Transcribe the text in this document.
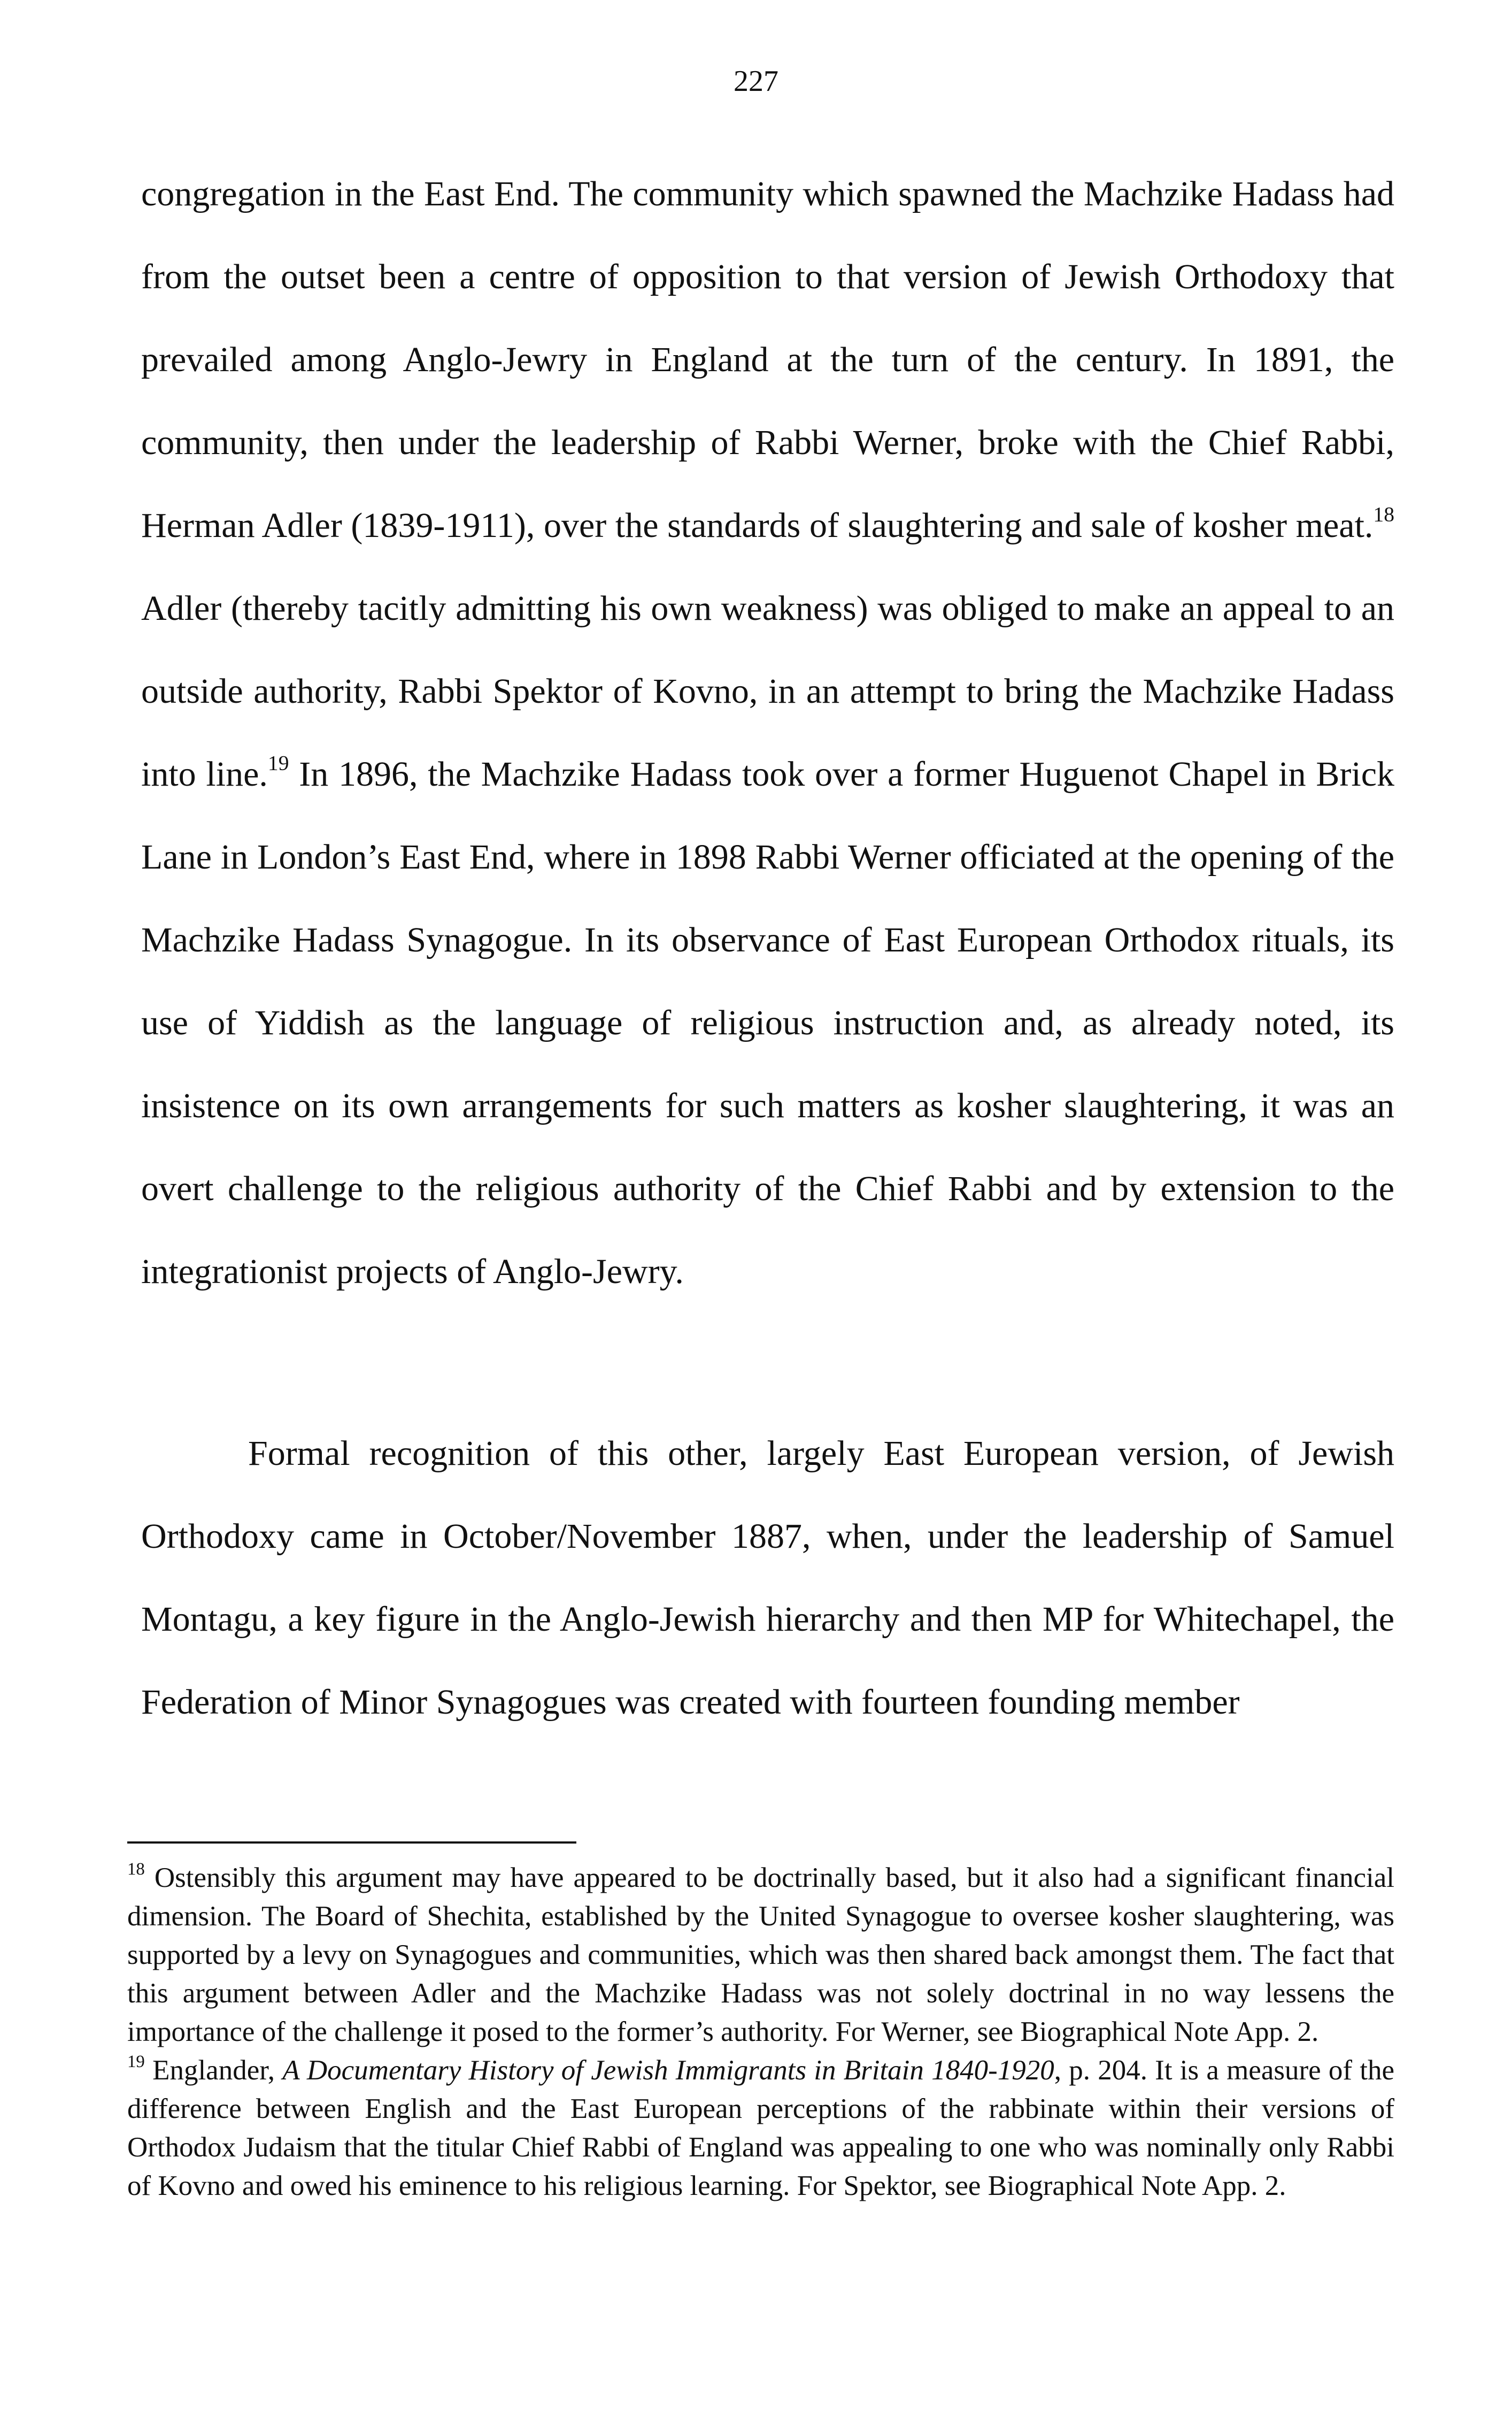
227

congregation in the East End. The community which spawned the Machzike Hadass had from the outset been a centre of opposition to that version of Jewish Orthodoxy that prevailed among Anglo-Jewry in England at the turn of the century. In 1891, the community, then under the leadership of Rabbi Werner, broke with the Chief Rabbi, Herman Adler (1839-1911), over the standards of slaughtering and sale of kosher meat.$^{18}$ Adler (thereby tacitly admitting his own weakness) was obliged to make an appeal to an outside authority, Rabbi Spektor of Kovno, in an attempt to bring the Machzike Hadass into line.$^{19}$ In 1896, the Machzike Hadass took over a former Huguenot Chapel in Brick Lane in London’s East End, where in 1898 Rabbi Werner officiated at the opening of the Machzike Hadass Synagogue. In its observance of East European Orthodox rituals, its use of Yiddish as the language of religious instruction and, as already noted, its insistence on its own arrangements for such matters as kosher slaughtering, it was an overt challenge to the religious authority of the Chief Rabbi and by extension to the integrationist projects of Anglo-Jewry.

Formal recognition of this other, largely East European version, of Jewish Orthodoxy came in October/November 1887, when, under the leadership of Samuel Montagu, a key figure in the Anglo-Jewish hierarchy and then MP for Whitechapel, the Federation of Minor Synagogues was created with fourteen founding member

$^{18}$ Ostensibly this argument may have appeared to be doctrinally based, but it also had a significant financial dimension. The Board of Shechita, established by the United Synagogue to oversee kosher slaughtering, was supported by a levy on Synagogues and communities, which was then shared back amongst them. The fact that this argument between Adler and the Machzike Hadass was not solely doctrinal in no way lessens the importance of the challenge it posed to the former’s authority. For Werner, see Biographical Note App. 2.

$^{19}$ Englander, A Documentary History of Jewish Immigrants in Britain 1840-1920, p. 204. It is a measure of the difference between English and the East European perceptions of the rabbinate within their versions of Orthodox Judaism that the titular Chief Rabbi of England was appealing to one who was nominally only Rabbi of Kovno and owed his eminence to his religious learning. For Spektor, see Biographical Note App. 2.
